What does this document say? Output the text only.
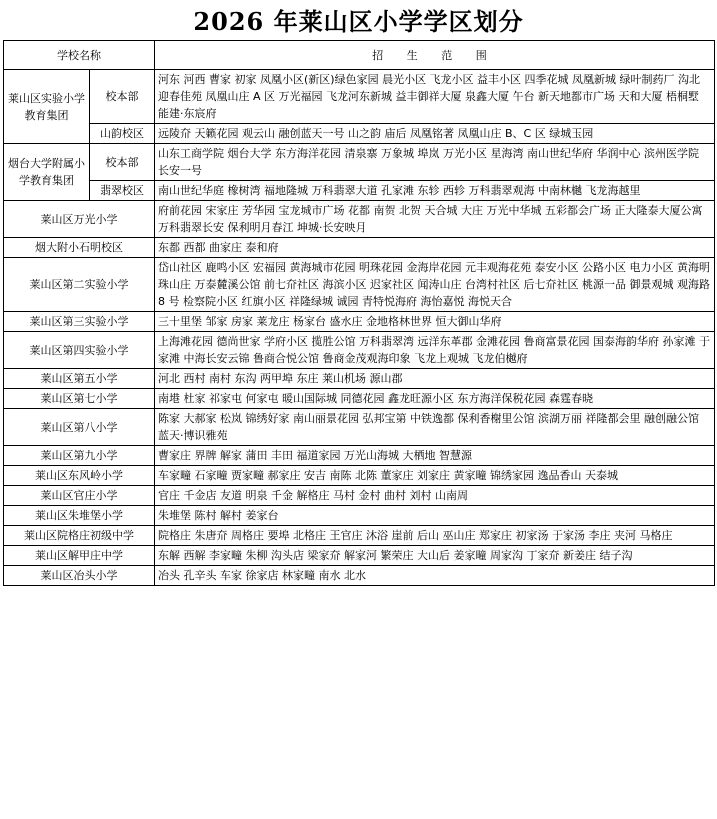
2026 年莱山区小学学区划分
学校名称		招 生 范 围
莱山区实验小学教育集团	校本部	河东 河西 曹家 初家 凤凰小区(新区)绿色家园 晨光小区 飞龙小区 益丰小区 四季花城 凤凰新城 绿叶制药厂 沟北 迎春佳苑 凤凰山庄 A 区 万光福园 飞龙河东新城 益丰御祥大厦 泉鑫大厦 午台 新天地都市广场 天和大厦 梧桐墅 能建·东宸府
	山韵校区	远陵夼 天籁花园 观云山 融创蓝天一号 山之韵 庙后 凤凰铭著 凤凰山庄 B、C 区 绿城玉园
烟台大学附属小学教育集团	校本部	山东工商学院 烟台大学 东方海洋花园 清泉寨 万象城 埠岚 万光小区 星海湾 南山世纪华府 华润中心 滨州医学院 长安一号
	翡翠校区	南山世纪华庭 橡树湾 福地隆城 万科翡翠大道 孔家滩 东轸 西轸 万科翡翠观海 中南林樾 飞龙海越里
莱山区万光小学		府前花园 宋家庄 芳华园 宝龙城市广场 花都 南贺 北贺 天合城 大庄 万光中华城 五彩都会广场 正大隆泰大厦公寓 万科翡翠长安 保利明月春江 坤城·长安映月
烟大附小石明校区		东都 西都 曲家庄 泰和府
莱山区第二实验小学		岱山社区 鹿鸣小区 宏福园 黄海城市花园 明珠花园 金海岸花园 元丰观海花苑 泰安小区 公路小区 电力小区 黄海明珠山庄 万泰麓溪公馆 前七夼社区 海滨小区 迟家社区 闻涛山庄 台湾村社区 后七夼社区 桃源一品 御景观城 观海路 8 号 检察院小区 红旗小区 祥隆绿城 诚园 青特悦海府 海怡嘉悦 海悦天合
莱山区第三实验小学		三十里堡 邹家 房家 莱龙庄 杨家台 盛水庄 金地格林世界 恒大御山华府
莱山区第四实验小学		上海滩花园 德尚世家 学府小区 揽胜公馆 万科翡翠湾 远洋东革郡 金滩花园 鲁商富景花园 国泰海韵华府 孙家滩 于家滩 中海长安云锦 鲁商合悦公馆 鲁商金茂观海印象 飞龙上观城 飞龙伯樾府
莱山区第五小学		河北 西村 南村 东沟 两甲埠 东庄 莱山机场 源山郡
莱山区第七小学		南塂 杜家 祁家屯 何家屯 暖山国际城 同德花园 鑫龙旺源小区 东方海洋保税花园 森霆春晓
莱山区第八小学		陈家 大郝家 松岚 锦绣好家 南山丽景花园 弘邦宝第 中铁逸都 保利香榭里公馆 滨湖万丽 祥隆都会里 融创融公馆 蓝天·博识雅苑
莱山区第九小学		曹家庄 界牌 解家 蒲田 丰田 福道家园 万光山海城 大栖地 智慧源
莱山区东风岭小学		车家疃 石家疃 贾家疃 郝家庄 安吉 南陈 北陈 董家庄 刘家庄 黄家疃 锦绣家园 逸品香山 天泰城
莱山区官庄小学		官庄 千金店 友道 明泉 千金 解格庄 马村 金村 曲村 刘村 山南周
莱山区朱堆堡小学		朱堆堡 陈村 解村 姜家台
莱山区院格庄初级中学		院格庄 朱唐夼 周格庄 要埠 北格庄 王官庄 沐浴 崖前 后山 巫山庄 郑家庄 初家汤 于家汤 李庄 夹河 马格庄
莱山区解甲庄中学		东解 西解 李家疃 朱柳 沟头店 梁家夼 解家河 繁荣庄 大山后 姜家疃 周家沟 丁家夼 新姜庄 结子沟
莱山区冶头小学		冶头 孔辛头 车家 徐家店 林家疃 南水 北水
